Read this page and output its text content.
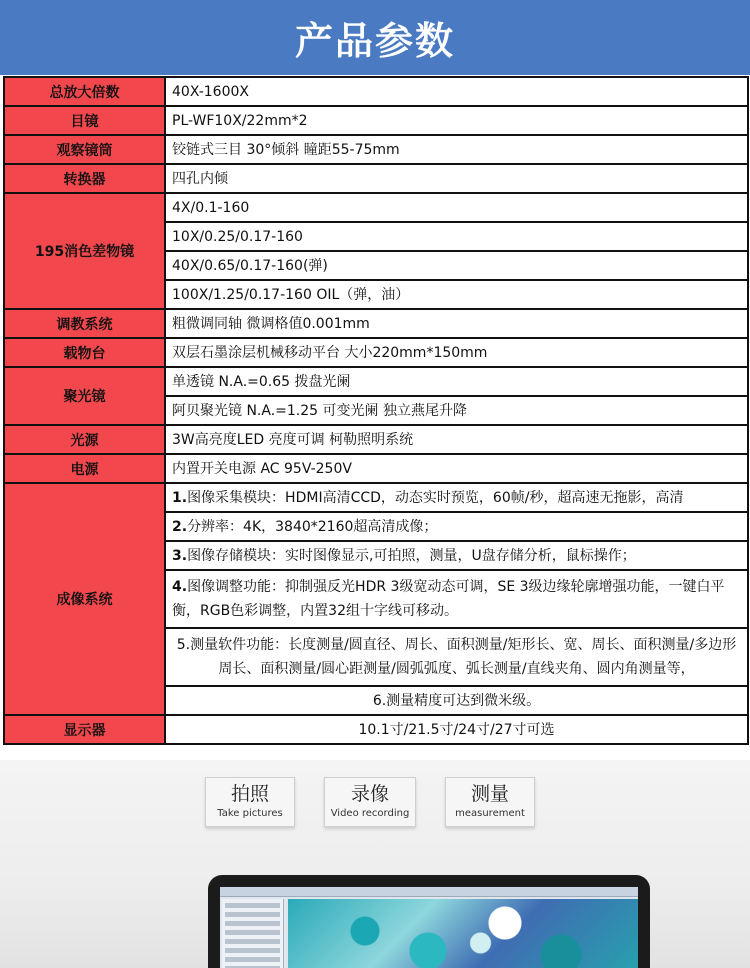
产品参数
总放大倍数	40X-1600X
目镜	PL-WF10X/22mm*2
观察镜筒	铰链式三目 30°倾斜 瞳距55-75mm
转换器	四孔内倾
195消色差物镜	4X/0.1-160
	10X/0.25/0.17-160
	40X/0.65/0.17-160(弹)
	100X/1.25/0.17-160 OIL（弹，油）
调教系统	粗微调同轴 微调格值0.001mm
载物台	双层石墨涂层机械移动平台 大小220mm*150mm
聚光镜	单透镜 N.A.=0.65 拨盘光阑
	阿贝聚光镜 N.A.=1.25 可变光阑 独立燕尾升降
光源	3W高亮度LED 亮度可调 柯勒照明系统
电源	内置开关电源 AC 95V-250V
成像系统	1.图像采集模块：HDMI高清CCD，动态实时预览，60帧/秒，超高速无拖影，高清
	2.分辨率：4K，3840*2160超高清成像；
	3.图像存储模块：实时图像显示,可拍照，测量，U盘存储分析，鼠标操作；
	4.图像调整功能：抑制强反光HDR 3级宽动态可调，SE 3级边缘轮廓增强功能，一键白平衡，RGB色彩调整，内置32组十字线可移动。
	5.测量软件功能：长度测量/圆直径、周长、面积测量/矩形长、宽、周长、面积测量/多边形周长、面积测量/圆心距测量/圆弧弧度、弧长测量/直线夹角、圆内角测量等，
	6.测量精度可达到微米级。
显示器	10.1寸/21.5寸/24寸/27寸可选
拍照
Take pictures
录像
Video recording
测量
measurement
